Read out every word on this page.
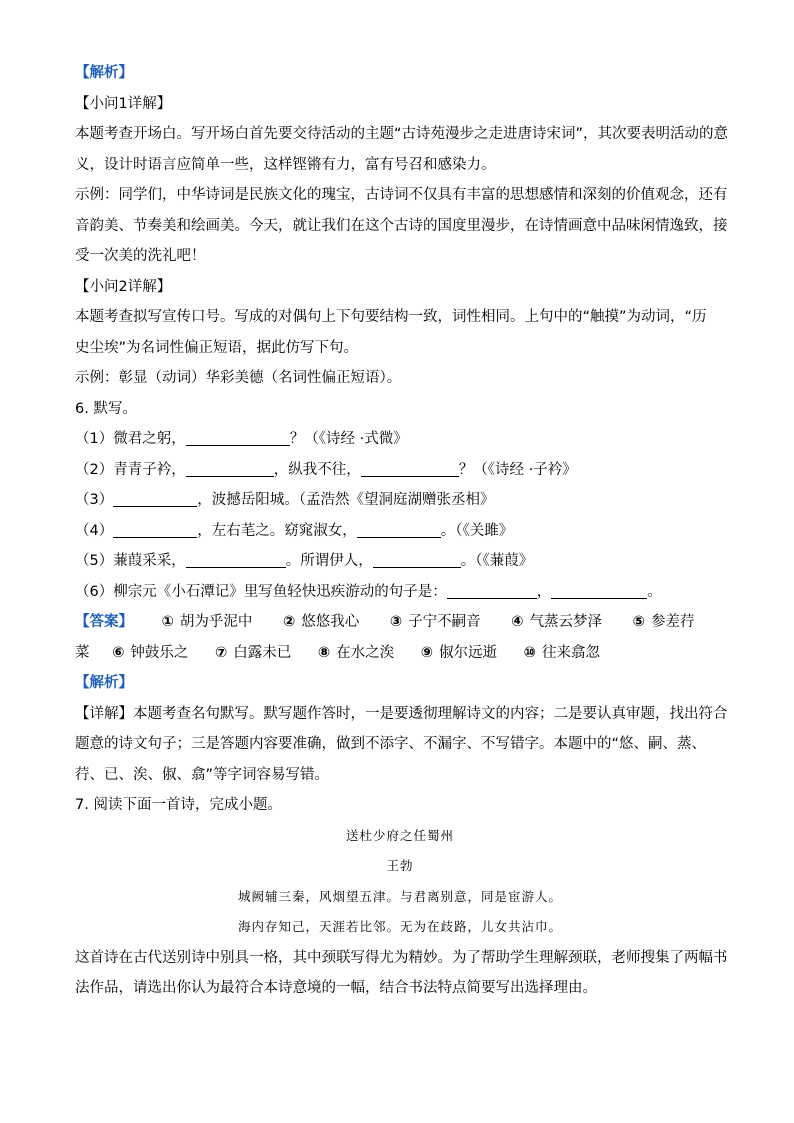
【解析】
【小问1详解】
本题考查开场白。写开场白首先要交待活动的主题“古诗苑漫步之走进唐诗宋词”，其次要表明活动的意
义，设计时语言应简单一些，这样铿锵有力，富有号召和感染力。
示例：同学们，中华诗词是民族文化的瑰宝，古诗词不仅具有丰富的思想感情和深刻的价值观念，还有
音韵美、节奏美和绘画美。今天，就让我们在这个古诗的国度里漫步，在诗情画意中品味闲情逸致，接
受一次美的洗礼吧！
【小问2详解】
本题考查拟写宣传口号。写成的对偶句上下句要结构一致，词性相同。上句中的“触摸”为动词，“历
史尘埃”为名词性偏正短语，据此仿写下句。
示例：彰显（动词）华彩美德（名词性偏正短语）。
6. 默写。
（1）微君之躬，	？（《诗经 ·式微》
（2）青青子衿，	，纵我不往，	？（《诗经 ·子衿》
（3）	，波撼岳阳城。（孟浩然《望洞庭湖赠张丞相》
（4）	，左右芼之。窈窕淑女，	。（《关雎》
（5）蒹葭采采，	。所谓伊人，	。（《蒹葭》
（6）柳宗元《小石潭记》里写鱼轻快迅疾游动的句子是：	，	。
【答案】 ① 胡为乎泥中 ② 悠悠我心 ③ 子宁不嗣音 ④ 气蒸云梦泽 ⑤ 参差荇
菜 ⑥ 钟鼓乐之 ⑦ 白露未已 ⑧ 在水之涘 ⑨ 俶尔远逝 ⑩ 往来翕忽
【解析】
【详解】本题考查名句默写。默写题作答时，一是要透彻理解诗文的内容；二是要认真审题，找出符合
题意的诗文句子；三是答题内容要准确，做到不添字、不漏字、不写错字。本题中的“悠、嗣、蒸、
荇、已、涘、俶、翕”等字词容易写错。
7. 阅读下面一首诗，完成小题。
送杜少府之任蜀州
王勃
城阙辅三秦，风烟望五津。与君离别意，同是宦游人。
海内存知己，天涯若比邻。无为在歧路，儿女共沾巾。
这首诗在古代送别诗中别具一格，其中颈联写得尤为精妙。为了帮助学生理解颈联，老师搜集了两幅书
法作品，请选出你认为最符合本诗意境的一幅，结合书法特点简要写出选择理由。
